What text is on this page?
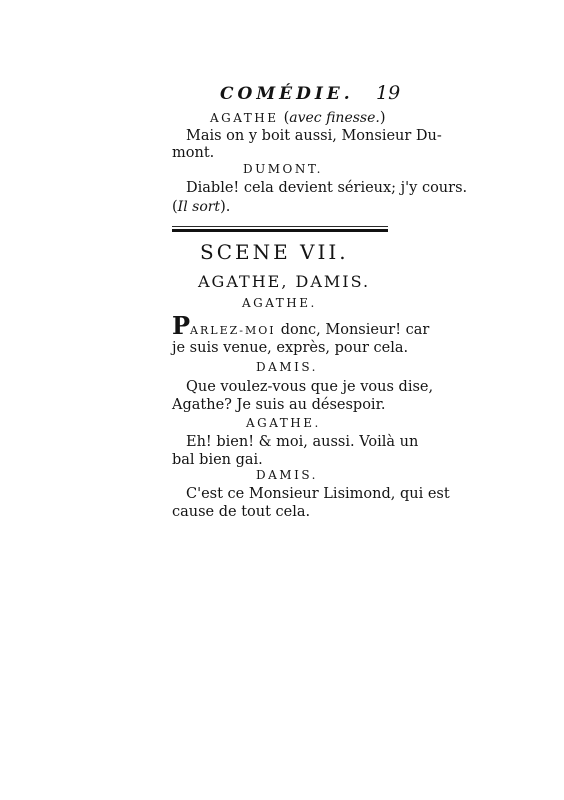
COMÉDIE. 19
AGATHE (avec finesse.)
Mais on y boit aussi, Monsieur Du-
mont.
DUMONT.
Diable! cela devient sérieux; j'y cours.
(Il sort).
SCENE VII.
AGATHE, DAMIS.
AGATHE.
PARLEZ-MOI donc, Monsieur! car
je suis venue, exprès, pour cela.
DAMIS.
Que voulez-vous que je vous dise,
Agathe? Je suis au désespoir.
AGATHE.
Eh! bien! & moi, aussi. Voilà un
bal bien gai.
DAMIS.
C'est ce Monsieur Lisimond, qui est
cause de tout cela.
